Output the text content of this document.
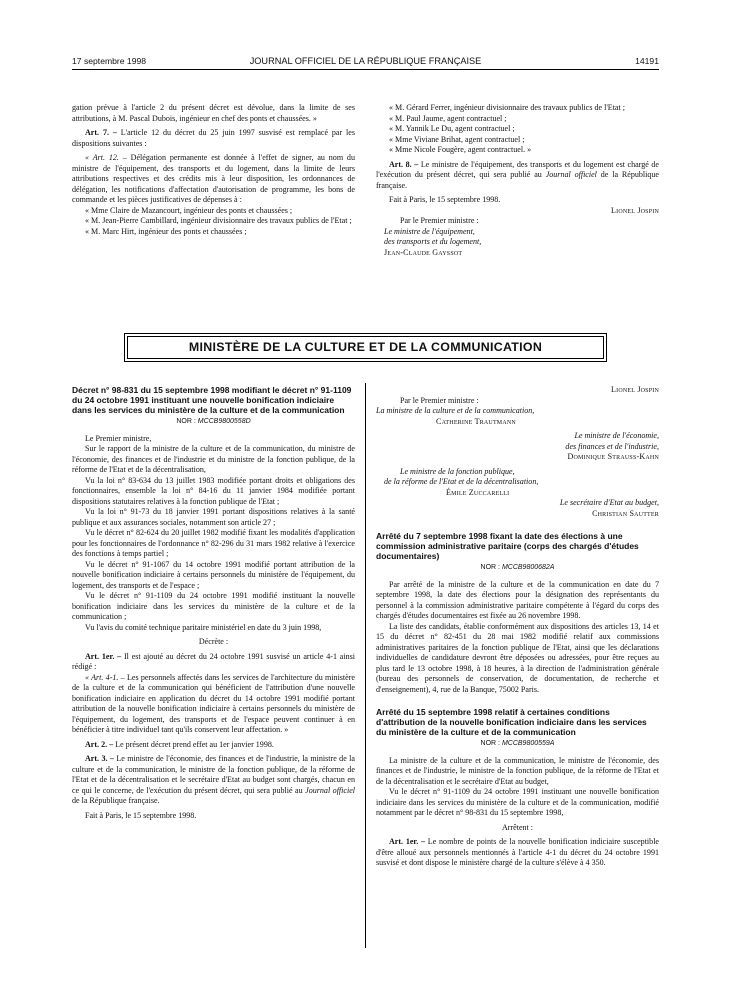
17 septembre 1998	JOURNAL OFFICIEL DE LA RÉPUBLIQUE FRANÇAISE	14191

gation prévue à l'article 2 du présent décret est dévolue, dans la limite de ses attributions, à M. Pascal Dubois, ingénieur en chef des ponts et chaussées. »

Art. 7. – L'article 12 du décret du 25 juin 1997 susvisé est remplacé par les dispositions suivantes :

« Art. 12. – Délégation permanente est donnée à l'effet de signer, au nom du ministre de l'équipement, des transports et du logement, dans la limite de leurs attributions respectives et des crédits mis à leur disposition, les ordonnances de délégation, les notifications d'affectation d'autorisation de programme, les bons de commande et les pièces justificatives de dépenses à :

« Mme Claire de Mazancourt, ingénieur des ponts et chaussées ;

« M. Jean-Pierre Cambillard, ingénieur divisionnaire des travaux publics de l'Etat ;

« M. Marc Hirt, ingénieur des ponts et chaussées ;

« M. Gérard Ferrer, ingénieur divisionnaire des travaux publics de l'Etat ;

« M. Paul Jaume, agent contractuel ;

« M. Yannik Le Du, agent contractuel ;

« Mme Viviane Brihat, agent contractuel ;

« Mme Nicole Fougère, agent contractuel. »

Art. 8. – Le ministre de l'équipement, des transports et du logement est chargé de l'exécution du présent décret, qui sera publié au Journal officiel de la République française.

Fait à Paris, le 15 septembre 1998.

Lionel Jospin

Par le Premier ministre :

Le ministre de l'équipement,

des transports et du logement,

Jean-Claude Gayssot

MINISTÈRE DE LA CULTURE ET DE LA COMMUNICATION

Décret n° 98-831 du 15 septembre 1998 modifiant le décret n° 91-1109 du 24 octobre 1991 instituant une nouvelle bonification indiciaire dans les services du ministère de la culture et de la communication

NOR : MCCB9800558D

Le Premier ministre,

Sur le rapport de la ministre de la culture et de la communication, du ministre de l'économie, des finances et de l'industrie et du ministre de la fonction publique, de la réforme de l'Etat et de la décentralisation,

Vu la loi n° 83-634 du 13 juillet 1983 modifiée portant droits et obligations des fonctionnaires, ensemble la loi n° 84-16 du 11 janvier 1984 modifiée portant dispositions statutaires relatives à la fonction publique de l'Etat ;

Vu la loi n° 91-73 du 18 janvier 1991 portant dispositions relatives à la santé publique et aux assurances sociales, notamment son article 27 ;

Vu le décret n° 82-624 du 20 juillet 1982 modifié fixant les modalités d'application pour les fonctionnaires de l'ordonnance n° 82-296 du 31 mars 1982 relative à l'exercice des fonctions à temps partiel ;

Vu le décret n° 91-1067 du 14 octobre 1991 modifié portant attribution de la nouvelle bonification indiciaire à certains personnels du ministère de l'équipement, du logement, des transports et de l'espace ;

Vu le décret n° 91-1109 du 24 octobre 1991 modifié instituant la nouvelle bonification indiciaire dans les services du ministère de la culture et de la communication ;

Vu l'avis du comité technique paritaire ministériel en date du 3 juin 1998,

Décrète :

Art. 1er. – Il est ajouté au décret du 24 octobre 1991 susvisé un article 4-1 ainsi rédigé :

« Art. 4-1. – Les personnels affectés dans les services de l'architecture du ministère de la culture et de la communication qui bénéficient de l'attribution d'une nouvelle bonification indiciaire en application du décret du 14 octobre 1991 modifié portant attribution de la nouvelle bonification indiciaire à certains personnels du ministère de l'équipement, du logement, des transports et de l'espace peuvent continuer à en bénéficier à titre individuel tant qu'ils conservent leur affectation. »

Art. 2. – Le présent décret prend effet au 1er janvier 1998.

Art. 3. – Le ministre de l'économie, des finances et de l'industrie, la ministre de la culture et de la communication, le ministre de la fonction publique, de la réforme de l'Etat et de la décentralisation et le secrétaire d'Etat au budget sont chargés, chacun en ce qui le concerne, de l'exécution du présent décret, qui sera publié au Journal officiel de la République française.

Fait à Paris, le 15 septembre 1998.

Lionel Jospin

Par le Premier ministre :

La ministre de la culture et de la communication,

Catherine Trautmann

Le ministre de l'économie,

des finances et de l'industrie,

Dominique Strauss-Kahn

Le ministre de la fonction publique,

de la réforme de l'Etat et de la décentralisation,

Émile Zuccarelli

Le secrétaire d'Etat au budget,

Christian Sautter

Arrêté du 7 septembre 1998 fixant la date des élections à une commission administrative paritaire (corps des chargés d'études documentaires)

NOR : MCCB9800682A

Par arrêté de la ministre de la culture et de la communication en date du 7 septembre 1998, la date des élections pour la désignation des représentants du personnel à la commission administrative paritaire compétente à l'égard du corps des chargés d'études documentaires est fixée au 26 novembre 1998.

La liste des candidats, établie conformément aux dispositions des articles 13, 14 et 15 du décret n° 82-451 du 28 mai 1982 modifié relatif aux commissions administratives paritaires de la fonction publique de l'Etat, ainsi que les déclarations individuelles de candidature devront être déposées ou adressées, pour être reçues au plus tard le 13 octobre 1998, à 18 heures, à la direction de l'administration générale (bureau des personnels de conservation, de documentation, de recherche et d'enseignement), 4, rue de la Banque, 75002 Paris.

Arrêté du 15 septembre 1998 relatif à certaines conditions d'attribution de la nouvelle bonification indiciaire dans les services du ministère de la culture et de la communication

NOR : MCCB9800559A

La ministre de la culture et de la communication, le ministre de l'économie, des finances et de l'industrie, le ministre de la fonction publique, de la réforme de l'Etat et de la décentralisation et le secrétaire d'Etat au budget,

Vu le décret n° 91-1109 du 24 octobre 1991 instituant une nouvelle bonification indiciaire dans les services du ministère de la culture et de la communication, modifié notamment par le décret n° 98-831 du 15 septembre 1998,

Arrêtent :

Art. 1er. – Le nombre de points de la nouvelle bonification indiciaire susceptible d'être alloué aux personnels mentionnés à l'article 4-1 du décret du 24 octobre 1991 susvisé et dont dispose le ministère chargé de la culture s'élève à 4 350.
